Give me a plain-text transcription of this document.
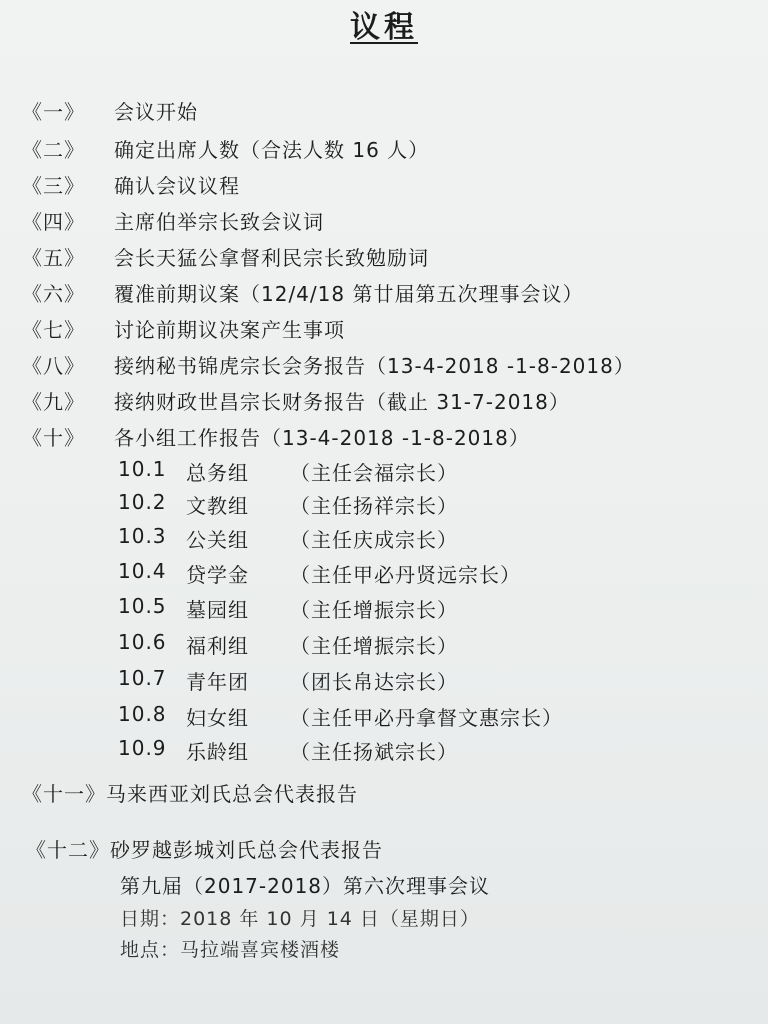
议程
《一》 会议开始
《二》 确定出席人数（合法人数 16 人）
《三》 确认会议议程
《四》 主席伯举宗长致会议词
《五》 会长天猛公拿督利民宗长致勉励词
《六》 覆准前期议案（12/4/18 第廿届第五次理事会议）
《七》 讨论前期议决案产生事项
《八》 接纳秘书锦虎宗长会务报告（13-4-2018 -1-8-2018）
《九》 接纳财政世昌宗长财务报告（截止 31-7-2018）
《十》 各小组工作报告（13-4-2018 -1-8-2018）
10.1 总务组 （主任会福宗长）
10.2 文教组 （主任扬祥宗长）
10.3 公关组 （主任庆成宗长）
10.4 贷学金 （主任甲必丹贤远宗长）
10.5 墓园组 （主任增振宗长）
10.6 福利组 （主任增振宗长）
10.7 青年团 （团长帛达宗长）
10.8 妇女组 （主任甲必丹拿督文惠宗长）
10.9 乐龄组 （主任扬斌宗长）
《十一》马来西亚刘氏总会代表报告
《十二》砂罗越彭城刘氏总会代表报告
第九届（2017-2018）第六次理事会议
日期：2018 年 10 月 14 日（星期日）
地点：马拉端喜宾楼酒楼
